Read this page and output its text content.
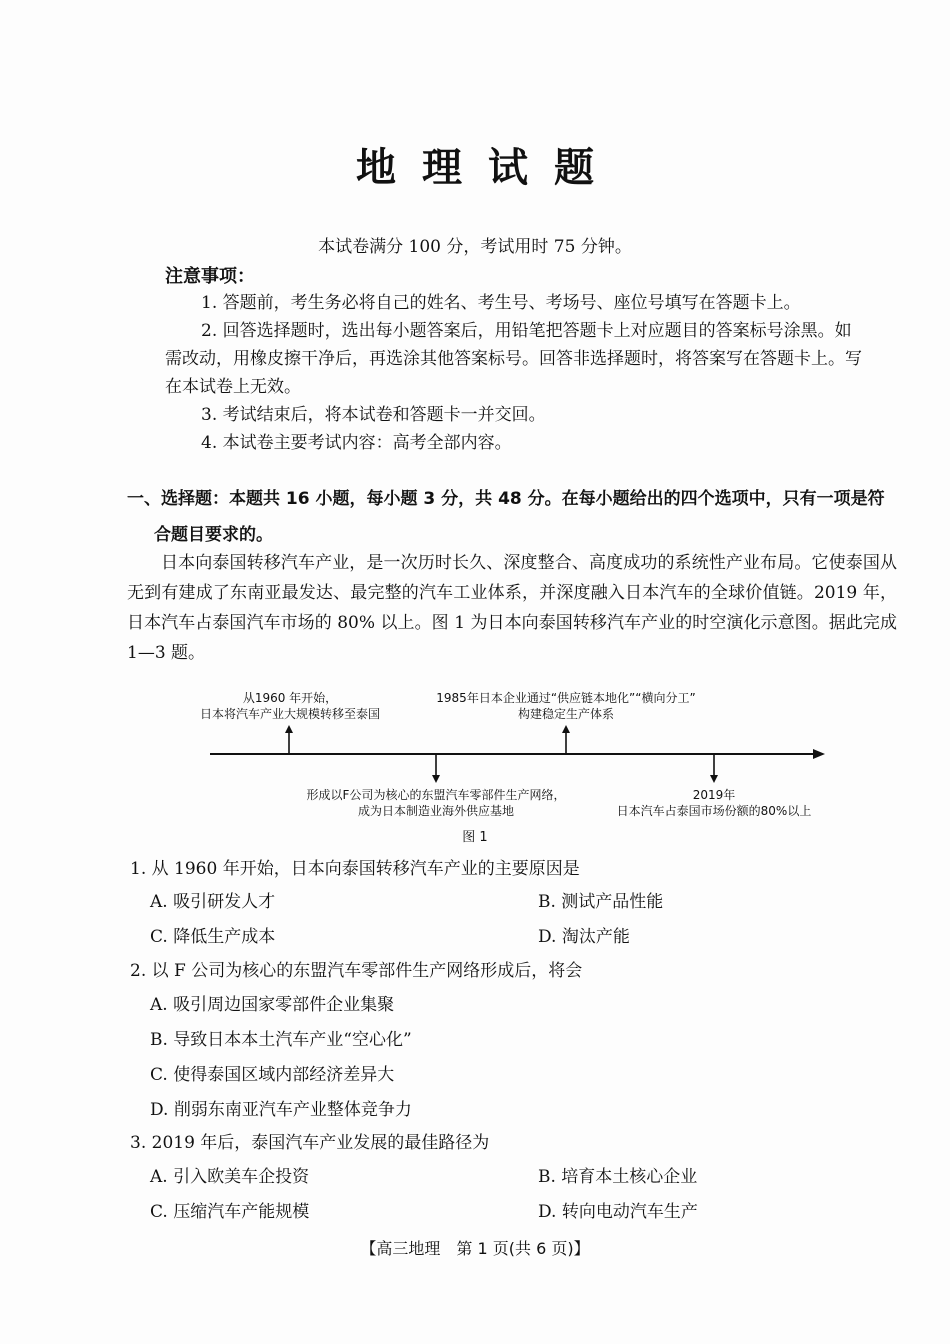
地理试题
本试卷满分 100 分，考试用时 75 分钟。
注意事项：
1. 答题前，考生务必将自己的姓名、考生号、考场号、座位号填写在答题卡上。
2. 回答选择题时，选出每小题答案后，用铅笔把答题卡上对应题目的答案标号涂黑。如需改动，用橡皮擦干净后，再选涂其他答案标号。回答非选择题时，将答案写在答题卡上。写在本试卷上无效。
3. 考试结束后，将本试卷和答题卡一并交回。
4. 本试卷主要考试内容：高考全部内容。
一、选择题：本题共 16 小题，每小题 3 分，共 48 分。在每小题给出的四个选项中，只有一项是符
合题目要求的。
日本向泰国转移汽车产业，是一次历时长久、深度整合、高度成功的系统性产业布局。它使泰国从无到有建成了东南亚最发达、最完整的汽车工业体系，并深度融入日本汽车的全球价值链。2019 年，日本汽车占泰国汽车市场的 80% 以上。图 1 为日本向泰国转移汽车产业的时空演化示意图。据此完成 1—3 题。
从1960 年开始，
日本将汽车产业大规模转移至泰国
1985年日本企业通过“供应链本地化”“横向分工”
构建稳定生产体系
形成以F公司为核心的东盟汽车零部件生产网络，
成为日本制造业海外供应基地
2019年
日本汽车占泰国市场份额的80%以上
图 1
1. 从 1960 年开始，日本向泰国转移汽车产业的主要原因是
A. 吸引研发人才	B. 测试产品性能
C. 降低生产成本	D. 淘汰产能
2. 以 F 公司为核心的东盟汽车零部件生产网络形成后，将会
A. 吸引周边国家零部件企业集聚
B. 导致日本本土汽车产业“空心化”
C. 使得泰国区域内部经济差异大
D. 削弱东南亚汽车产业整体竞争力
3. 2019 年后，泰国汽车产业发展的最佳路径为
A. 引入欧美车企投资	B. 培育本土核心企业
C. 压缩汽车产能规模	D. 转向电动汽车生产
【高三地理　第 1 页(共 6 页)】
